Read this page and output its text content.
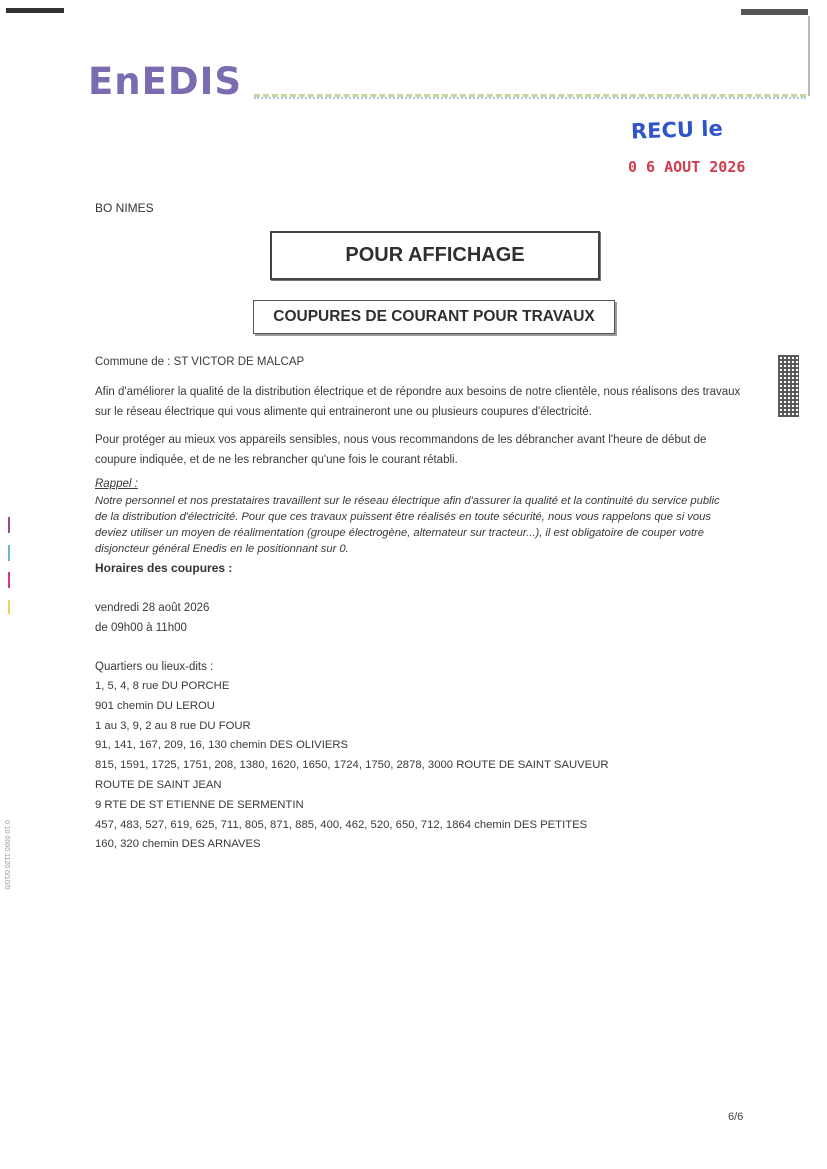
EnEDIS
RECU le
0 6 AOUT 2026
BO NIMES
POUR AFFICHAGE
COUPURES DE COURANT POUR TRAVAUX
Commune de : ST VICTOR DE MALCAP
Afin d'améliorer la qualité de la distribution électrique et de répondre aux besoins de notre clientèle, nous réalisons des travaux sur le réseau électrique qui vous alimente qui entraineront une ou plusieurs coupures d'électricité.
Pour protéger au mieux vos appareils sensibles, nous vous recommandons de les débrancher avant l'heure de début de coupure indiquée, et de ne les rebrancher qu'une fois le courant rétabli.
Rappel :
Notre personnel et nos prestataires travaillent sur le réseau électrique afin d'assurer la qualité et la continuité du service public de la distribution d'électricité. Pour que ces travaux puissent être réalisés en toute sécurité, nous vous rappelons que si vous deviez utiliser un moyen de réalimentation (groupe électrogène, alternateur sur tracteur...), il est obligatoire de couper votre disjoncteur général Enedis en le positionnant sur 0.
Horaires des coupures :
vendredi 28 août 2026
de 09h00 à 11h00
Quartiers ou lieux-dits :
1, 5, 4, 8 rue DU PORCHE
901 chemin DU LEROU
1 au 3, 9, 2 au 8 rue DU FOUR
91, 141, 167, 209, 16, 130 chemin DES OLIVIERS
815, 1591, 1725, 1751, 208, 1380, 1620, 1650, 1724, 1750, 2878, 3000 ROUTE DE SAINT SAUVEUR
ROUTE DE SAINT JEAN
9 RTE DE ST ETIENNE DE SERMENTIN
457, 483, 527, 619, 625, 711, 805, 871, 885, 400, 462, 520, 650, 712, 1864 chemin DES PETITES
160, 320 chemin DES ARNAVES
0 10 0000 1120 0/10/0
6/6
